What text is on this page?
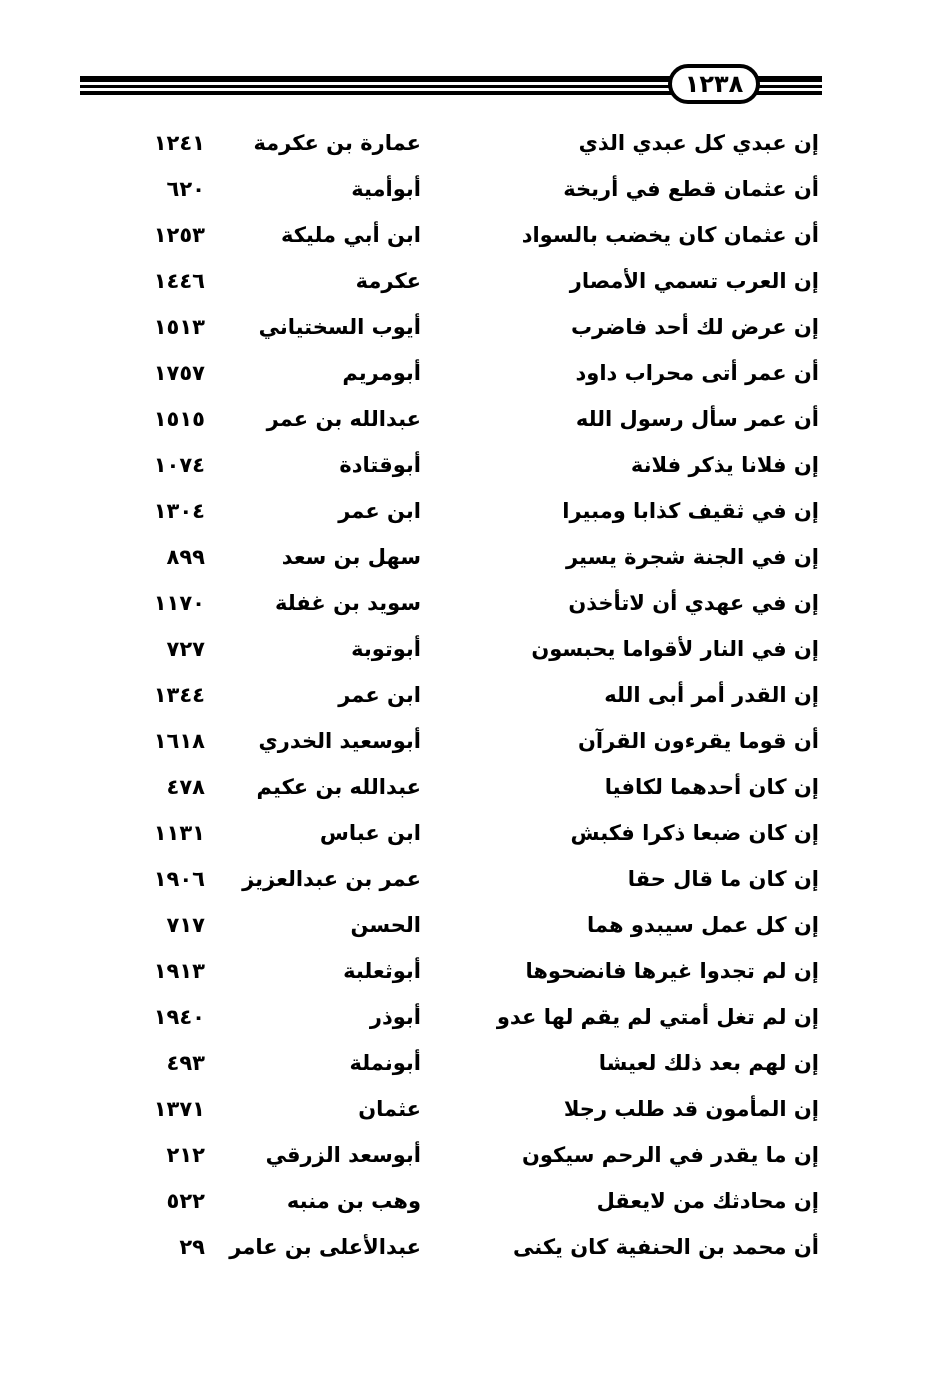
١٢٣٨
إن عبدي كل عبدي الذي
عمارة بن عكرمة
١٢٤١
أن عثمان قطع في أريخة
أبوأمية
٦٢٠
أن عثمان كان يخضب بالسواد
ابن أبي مليكة
١٢٥٣
إن العرب تسمي الأمصار
عكرمة
١٤٤٦
إن عرض لك أحد فاضرب
أيوب السختياني
١٥١٣
أن عمر أتى محراب داود
أبومريم
١٧٥٧
أن عمر سأل رسول الله
عبدالله بن عمر
١٥١٥
إن فلانا يذكر فلانة
أبوقتادة
١٠٧٤
إن في ثقيف كذابا ومبيرا
ابن عمر
١٣٠٤
إن في الجنة شجرة يسير
سهل بن سعد
٨٩٩
إن في عهدي أن لاتأخذن
سويد بن غفلة
١١٧٠
إن في النار لأقواما يحبسون
أبوتوبة
٧٢٧
إن القدر أمر أبى الله
ابن عمر
١٣٤٤
أن قوما يقرءون القرآن
أبوسعيد الخدري
١٦١٨
إن كان أحدهما لكافيا
عبدالله بن عكيم
٤٧٨
إن كان ضبعا ذكرا فكبش
ابن عباس
١١٣١
إن كان ما قال حقا
عمر بن عبدالعزيز
١٩٠٦
إن كل عمل سيبدو هما
الحسن
٧١٧
إن لم تجدوا غيرها فانضحوها
أبوثعلبة
١٩١٣
إن لم تغل أمتي لم يقم لها عدو
أبوذر
١٩٤٠
إن لهم بعد ذلك لعيشا
أبونملة
٤٩٣
إن المأمون قد طلب رجلا
عثمان
١٣٧١
إن ما يقدر في الرحم سيكون
أبوسعد الزرقي
٢١٢
إن محادثك من لايعقل
وهب بن منبه
٥٢٢
أن محمد بن الحنفية كان يكنى
عبدالأعلى بن عامر
٢٩
